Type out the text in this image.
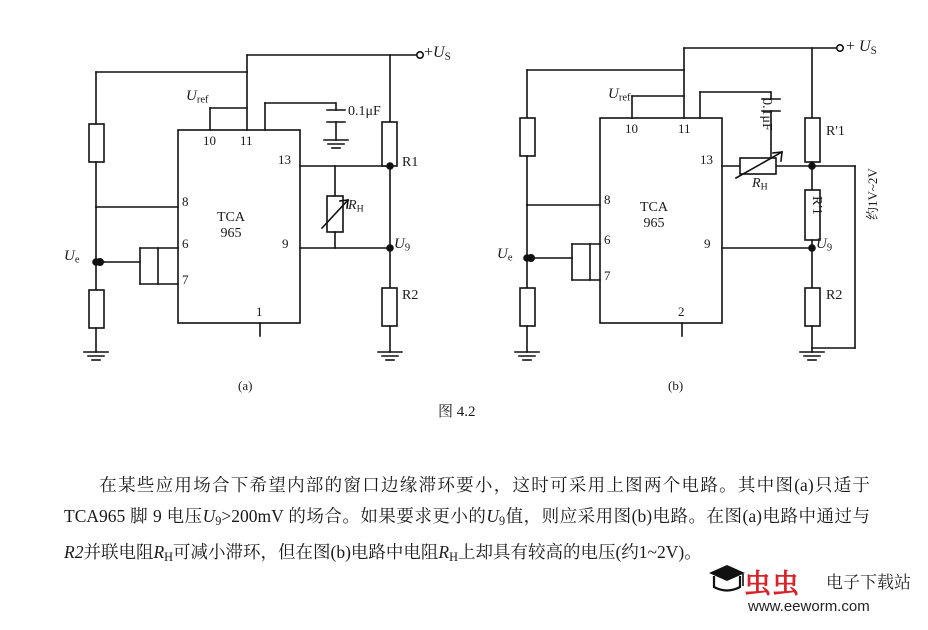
$+U_S$
$U_{ref}$
0.1μF
R1
R2
$R_H$
$U_e$
$U_9$
TCA
965
10 11
13
8
6
7
9
1
+ $U_S$
$U_{ref}$	0.1μF
R'1
R'1
R2
$R_H$
$U_e$
$U_9$
约1V~2V
TCA
965
10	11
13
8
6
7
9
2
(a)	(b)
图 4.2
在某些应用场合下希望内部的窗口边缘滞环要小，这时可采用上图两个电路。其中图(a)只适于 TCA965 脚 9 电压$U_9>200mV$ 的场合。如果要求更小的$U_9$值，则应采用图(b)电路。在图(a)电路中通过与R2并联电阻$R_H$可减小滞环，但在图(b)电路中电阻$R_H$上却具有较高的电压(约1~2V)。
虫虫 电子下载站
www.eeworm.com
